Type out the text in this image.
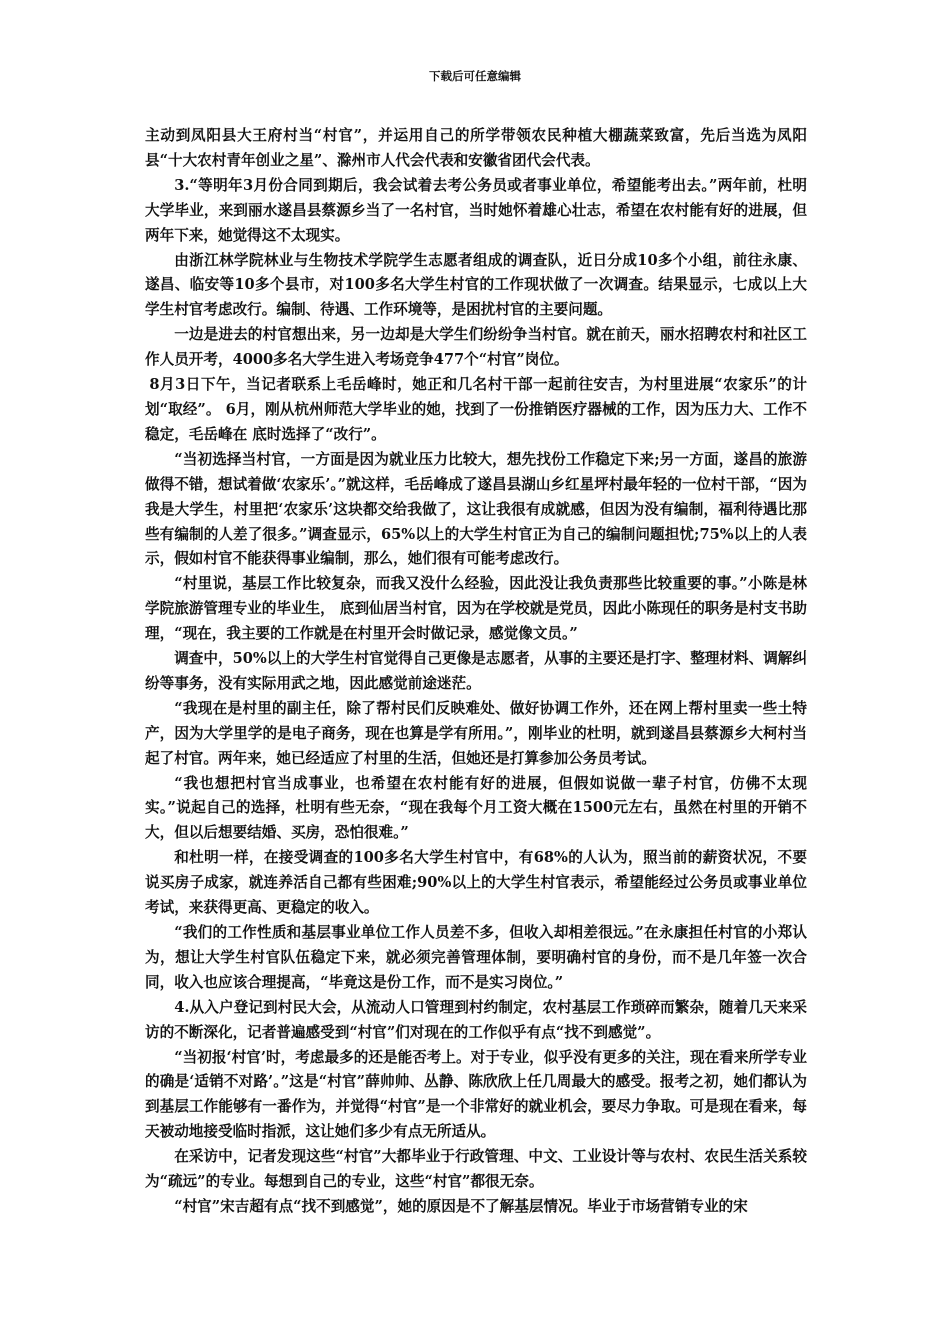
下载后可任意编辑

主动到凤阳县大王府村当“村官”，并运用自己的所学带领农民种植大棚蔬菜致富，先后当选为凤阳县“十大农村青年创业之星”、滁州市人代会代表和安徽省团代会代表。

3.“等明年3月份合同到期后，我会试着去考公务员或者事业单位，希望能考出去。”两年前，杜明大学毕业，来到丽水遂昌县蔡源乡当了一名村官，当时她怀着雄心壮志，希望在农村能有好的进展，但两年下来，她觉得这不太现实。

由浙江林学院林业与生物技术学院学生志愿者组成的调查队，近日分成10多个小组，前往永康、遂昌、临安等10多个县市，对100多名大学生村官的工作现状做了一次调查。结果显示，七成以上大学生村官考虑改行。编制、待遇、工作环境等，是困扰村官的主要问题。

一边是进去的村官想出来，另一边却是大学生们纷纷争当村官。就在前天，丽水招聘农村和社区工作人员开考，4000多名大学生进入考场竞争477个“村官”岗位。

8月3日下午，当记者联系上毛岳峰时，她正和几名村干部一起前往安吉，为村里进展“农家乐”的计划“取经”。 6月，刚从杭州师范大学毕业的她，找到了一份推销医疗器械的工作，因为压力大、工作不稳定，毛岳峰在 底时选择了“改行”。

“当初选择当村官，一方面是因为就业压力比较大，想先找份工作稳定下来;另一方面，遂昌的旅游做得不错，想试着做‘农家乐’。”就这样，毛岳峰成了遂昌县湖山乡红星坪村最年轻的一位村干部，“因为我是大学生，村里把‘农家乐’这块都交给我做了，这让我很有成就感，但因为没有编制，福利待遇比那些有编制的人差了很多。”调查显示，65%以上的大学生村官正为自己的编制问题担忧;75%以上的人表示，假如村官不能获得事业编制，那么，她们很有可能考虑改行。

“村里说，基层工作比较复杂，而我又没什么经验，因此没让我负责那些比较重要的事。”小陈是林学院旅游管理专业的毕业生， 底到仙居当村官，因为在学校就是党员，因此小陈现任的职务是村支书助理，“现在，我主要的工作就是在村里开会时做记录，感觉像文员。”

调查中，50%以上的大学生村官觉得自己更像是志愿者，从事的主要还是打字、整理材料、调解纠纷等事务，没有实际用武之地，因此感觉前途迷茫。

“我现在是村里的副主任，除了帮村民们反映难处、做好协调工作外，还在网上帮村里卖一些土特产，因为大学里学的是电子商务，现在也算是学有所用。”，刚毕业的杜明，就到遂昌县蔡源乡大柯村当起了村官。两年来，她已经适应了村里的生活，但她还是打算参加公务员考试。

“我也想把村官当成事业，也希望在农村能有好的进展，但假如说做一辈子村官，仿佛不太现实。”说起自己的选择，杜明有些无奈，“现在我每个月工资大概在1500元左右，虽然在村里的开销不大，但以后想要结婚、买房，恐怕很难。”

和杜明一样，在接受调查的100多名大学生村官中，有68%的人认为，照当前的薪资状况，不要说买房子成家，就连养活自己都有些困难;90%以上的大学生村官表示，希望能经过公务员或事业单位考试，来获得更高、更稳定的收入。

“我们的工作性质和基层事业单位工作人员差不多，但收入却相差很远。”在永康担任村官的小郑认为，想让大学生村官队伍稳定下来，就必须完善管理体制，要明确村官的身份，而不是几年签一次合同，收入也应该合理提高，“毕竟这是份工作，而不是实习岗位。”

4.从入户登记到村民大会，从流动人口管理到村约制定，农村基层工作琐碎而繁杂，随着几天来采访的不断深化，记者普遍感受到“村官”们对现在的工作似乎有点“找不到感觉”。

“当初报‘村官’时，考虑最多的还是能否考上。对于专业，似乎没有更多的关注，现在看来所学专业的确是‘适销不对路’。”这是“村官”薛帅帅、丛静、陈欣欣上任几周最大的感受。报考之初，她们都认为到基层工作能够有一番作为，并觉得“村官”是一个非常好的就业机会，要尽力争取。可是现在看来，每天被动地接受临时指派，这让她们多少有点无所适从。

在采访中，记者发现这些“村官”大都毕业于行政管理、中文、工业设计等与农村、农民生活关系较为“疏远”的专业。每想到自己的专业，这些“村官”都很无奈。

“村官”宋吉超有点“找不到感觉”，她的原因是不了解基层情况。毕业于市场营销专业的宋
